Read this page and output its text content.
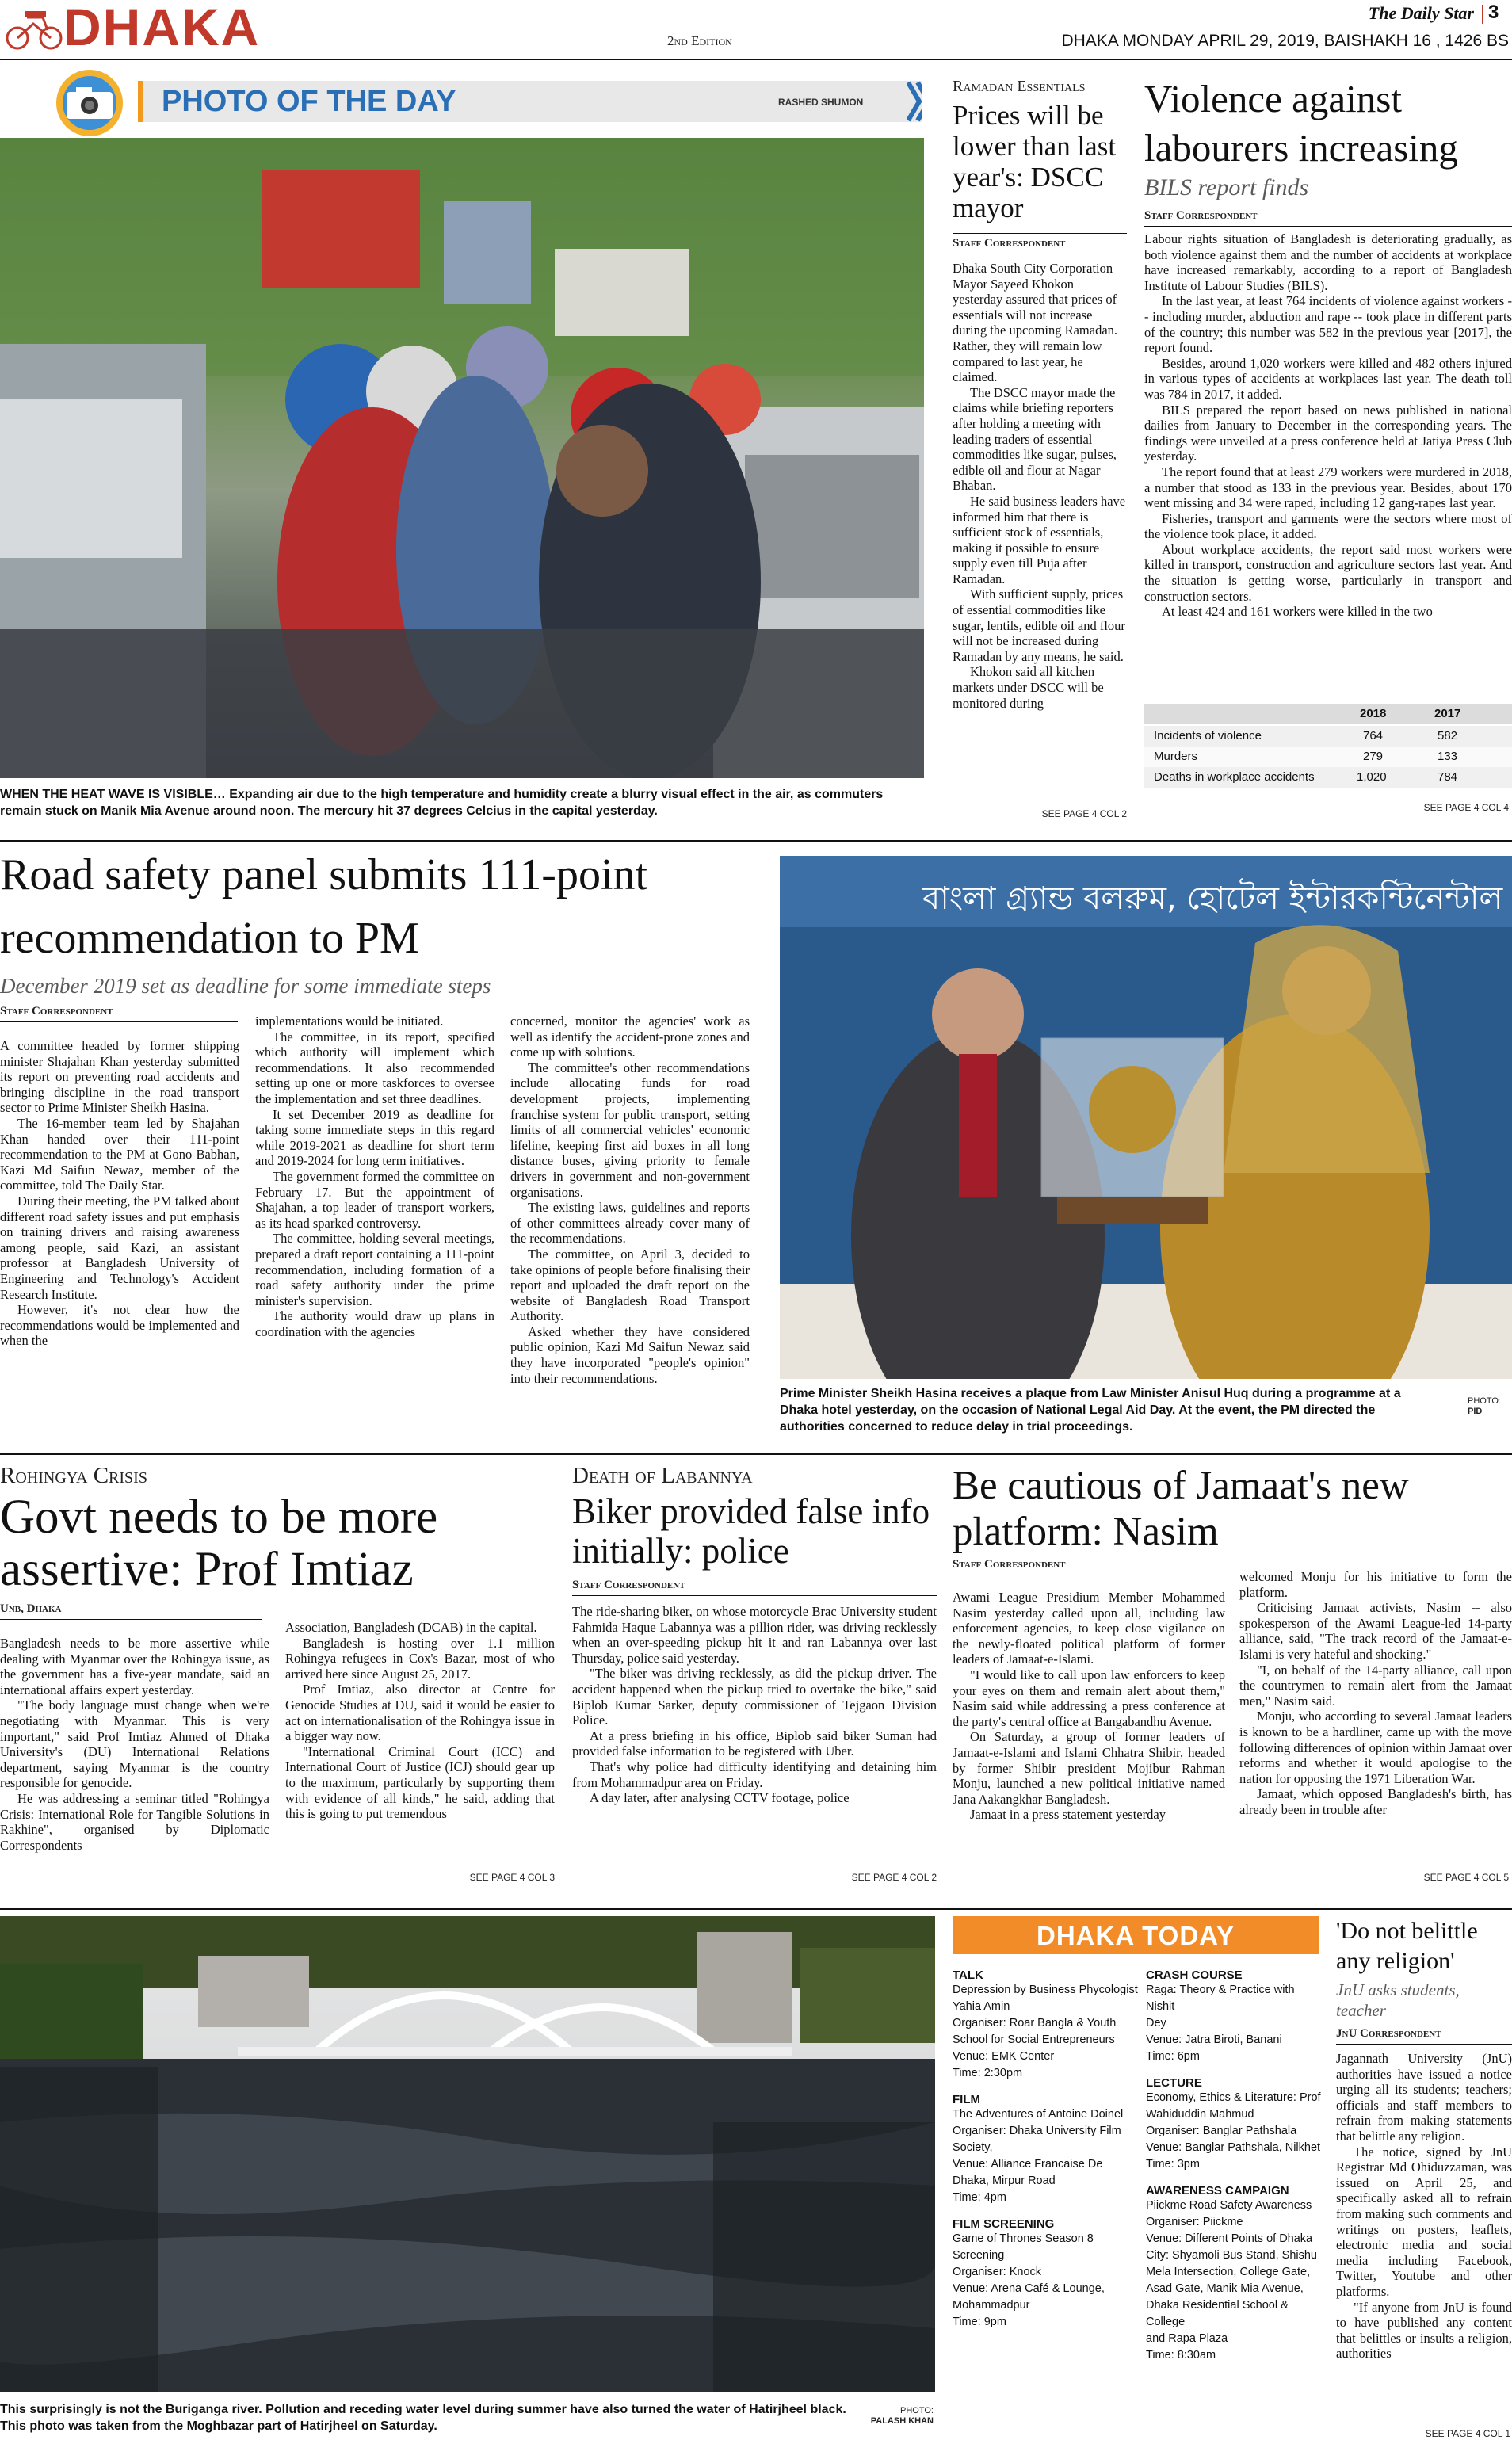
DHAKA	2nd Edition
The Daily Star 3
DHAKA MONDAY APRIL 29, 2019, BAISHAKH 16 , 1426 BS
PHOTO OF THE DAY	RASHED SHUMON
WHEN THE HEAT WAVE IS VISIBLE… Expanding air due to the high temperature and humidity create a blurry visual effect in the air, as commuters remain stuck on Manik Mia Avenue around noon. The mercury hit 37 degrees Celcius in the capital yesterday.
Ramadan Essentials
Prices will be lower than last year's: DSCC mayor
Staff Correspondent

Dhaka South City Corporation Mayor Sayeed Khokon yesterday assured that prices of essentials will not increase during the upcoming Ramadan. Rather, they will remain low compared to last year, he claimed.

The DSCC mayor made the claims while briefing reporters after holding a meeting with leading traders of essential commodities like sugar, pulses, edible oil and flour at Nagar Bhaban.

He said business leaders have informed him that there is sufficient stock of essentials, making it possible to ensure supply even till Puja after Ramadan.

With sufficient supply, prices of essential commodities like sugar, lentils, edible oil and flour will not be increased during Ramadan by any means, he said.

Khokon said all kitchen markets under DSCC will be monitored during

SEE PAGE 4 COL 2
Violence against labourers increasing
BILS report finds
Staff Correspondent

Labour rights situation of Bangladesh is deteriorating gradually, as both violence against them and the number of accidents at workplace have increased remarkably, according to a report of Bangladesh Institute of Labour Studies (BILS).

In the last year, at least 764 incidents of violence against workers -- including murder, abduction and rape -- took place in different parts of the country; this number was 582 in the previous year [2017], the report found.

Besides, around 1,020 workers were killed and 482 others injured in various types of accidents at workplaces last year. The death toll was 784 in 2017, it added.

BILS prepared the report based on news published in national dailies from January to December in the corresponding years. The findings were unveiled at a press conference held at Jatiya Press Club yesterday.

The report found that at least 279 workers were murdered in 2018, a number that stood as 133 in the previous year. Besides, about 170 went missing and 34 were raped, including 12 gang-rapes last year.

Fisheries, transport and garments were the sectors where most of the violence took place, it added.

About workplace accidents, the report said most workers were killed in transport, construction and agriculture sectors last year. And the situation is getting worse, particularly in transport and construction sectors.

At least 424 and 161 workers were killed in the two

2018	2017
Incidents of violence	764	582
Murders	279	133
Deaths in workplace accidents	1,020	784
SEE PAGE 4 COL 4
Road safety panel submits 111-point recommendation to PM
December 2019 set as deadline for some immediate steps
Staff Correspondent

A committee headed by former shipping minister Shajahan Khan yesterday submitted its report on preventing road accidents and bringing discipline in the road transport sector to Prime Minister Sheikh Hasina.

The 16-member team led by Shajahan Khan handed over their 111-point recommendation to the PM at Gono Babhan, Kazi Md Saifun Newaz, member of the committee, told The Daily Star.

During their meeting, the PM talked about different road safety issues and put emphasis on training drivers and raising awareness among people, said Kazi, an assistant professor at Bangladesh University of Engineering and Technology's Accident Research Institute.

However, it's not clear how the recommendations would be implemented and when the

implementations would be initiated.

The committee, in its report, specified which authority will implement which recommendations. It also recommended setting up one or more taskforces to oversee the implementation and set three deadlines.

It set December 2019 as deadline for taking some immediate steps in this regard while 2019-2021 as deadline for short term and 2019-2024 for long term initiatives.

The government formed the committee on February 17. But the appointment of Shajahan, a top leader of transport workers, as its head sparked controversy.

The committee, holding several meetings, prepared a draft report containing a 111-point recommendation, including formation of a road safety authority under the prime minister's supervision.

The authority would draw up plans in coordination with the agencies

concerned, monitor the agencies' work as well as identify the accident-prone zones and come up with solutions.

The committee's other recommendations include allocating funds for road development projects, implementing franchise system for public transport, setting limits of all commercial vehicles' economic lifeline, keeping first aid boxes in all long distance buses, giving priority to female drivers in government and non-government organisations.

The existing laws, guidelines and reports of other committees already cover many of the recommendations.

The committee, on April 3, decided to take opinions of people before finalising their report and uploaded the draft report on the website of Bangladesh Road Transport Authority.

Asked whether they have considered public opinion, Kazi Md Saifun Newaz said they have incorporated "people's opinion" into their recommendations.

বাংলা গ্র্যান্ড বলরুম, হোটেল ইন্টারকন্টিনেন্টাল
Prime Minister Sheikh Hasina receives a plaque from Law Minister Anisul Huq during a programme at a Dhaka hotel yesterday, on the occasion of National Legal Aid Day. At the event, the PM directed the authorities concerned to reduce delay in trial proceedings.
PHOTO:
PID
Rohingya Crisis
Govt needs to be more assertive: Prof Imtiaz
Unb, Dhaka

Bangladesh needs to be more assertive while dealing with Myanmar over the Rohingya issue, as the government has a five-year mandate, said an international affairs expert yesterday.

"The body language must change when we're negotiating with Myanmar. This is very important," said Prof Imtiaz Ahmed of Dhaka University's (DU) International Relations department, saying Myanmar is the country responsible for genocide.

He was addressing a seminar titled "Rohingya Crisis: International Role for Tangible Solutions in Rakhine", organised by Diplomatic Correspondents

Association, Bangladesh (DCAB) in the capital.

Bangladesh is hosting over 1.1 million Rohingya refugees in Cox's Bazar, most of who arrived here since August 25, 2017.

Prof Imtiaz, also director at Centre for Genocide Studies at DU, said it would be easier to act on internationalisation of the Rohingya issue in a bigger way now.

"International Criminal Court (ICC) and International Court of Justice (ICJ) should gear up to the maximum, particularly by supporting them with evidence of all kinds," he said, adding that this is going to put tremendous

SEE PAGE 4 COL 3
Death of Labannya
Biker provided false info initially: police
Staff Correspondent

The ride-sharing biker, on whose motorcycle Brac University student Fahmida Haque Labannya was a pillion rider, was driving recklessly when an over-speeding pickup hit it and ran Labannya over last Thursday, police said yesterday.

"The biker was driving recklessly, as did the pickup driver. The accident happened when the pickup tried to overtake the bike," said Biplob Kumar Sarker, deputy commissioner of Tejgaon Division Police.

At a press briefing in his office, Biplob said biker Suman had provided false information to be registered with Uber.

That's why police had difficulty identifying and detaining him from Mohammadpur area on Friday.

A day later, after analysing CCTV footage, police

SEE PAGE 4 COL 2
Be cautious of Jamaat's new platform: Nasim
Staff Correspondent

Awami League Presidium Member Mohammed Nasim yesterday called upon all, including law enforcement agencies, to keep close vigilance on the newly-floated political platform of former leaders of Jamaat-e-Islami.

"I would like to call upon law enforcers to keep your eyes on them and remain alert about them," Nasim said while addressing a press conference at the party's central office at Bangabandhu Avenue.

On Saturday, a group of former leaders of Jamaat-e-Islami and Islami Chhatra Shibir, headed by former Shibir president Mojibur Rahman Monju, launched a new political initiative named Jana Aakangkhar Bangladesh.

Jamaat in a press statement yesterday

welcomed Monju for his initiative to form the platform.

Criticising Jamaat activists, Nasim -- also spokesperson of the Awami League-led 14-party alliance, said, "The track record of the Jamaat-e-Islami is very hateful and shocking."

"I, on behalf of the 14-party alliance, call upon the countrymen to remain alert from the Jamaat men," Nasim said.

Monju, who according to several Jamaat leaders is known to be a hardliner, came up with the move following differences of opinion within Jamaat over reforms and whether it would apologise to the nation for opposing the 1971 Liberation War.

Jamaat, which opposed Bangladesh's birth, has already been in trouble after

SEE PAGE 4 COL 5
This surprisingly is not the Buriganga river. Pollution and receding water level during summer have also turned the water of Hatirjheel black. This photo was taken from the Moghbazar part of Hatirjheel on Saturday.
PHOTO:
PALASH KHAN
DHAKA TODAY
TALK
Depression by Business Phycologist
Yahia Amin
Organiser: Roar Bangla & Youth
School for Social Entrepreneurs
Venue: EMK Center
Time: 2:30pm
FILM
The Adventures of Antoine Doinel
Organiser: Dhaka University Film
Society,
Venue: Alliance Francaise De
Dhaka, Mirpur Road
Time: 4pm
FILM SCREENING
Game of Thrones Season 8
Screening
Organiser: Knock
Venue: Arena Café & Lounge,
Mohammadpur
Time: 9pm
CRASH COURSE
Raga: Theory & Practice with Nishit
Dey
Venue: Jatra Biroti, Banani
Time: 6pm
LECTURE
Economy, Ethics & Literature: Prof
Wahiduddin Mahmud
Organiser: Banglar Pathshala
Venue: Banglar Pathshala, Nilkhet
Time: 3pm
AWARENESS CAMPAIGN
Piickme Road Safety Awareness
Organiser: Piickme
Venue: Different Points of Dhaka
City: Shyamoli Bus Stand, Shishu
Mela Intersection, College Gate,
Asad Gate, Manik Mia Avenue,
Dhaka Residential School & College
and Rapa Plaza
Time: 8:30am
'Do not belittle any religion'
JnU asks students, teacher
JnU Correspondent

Jagannath University (JnU) authorities have issued a notice urging all its students; teachers; officials and staff members to refrain from making statements that belittle any religion.

The notice, signed by JnU Registrar Md Ohiduzzaman, was issued on April 25, and specifically asked all to refrain from making such comments and writings on posters, leaflets, electronic media and social media including Facebook, Twitter, Youtube and other platforms.

"If anyone from JnU is found to have published any content that belittles or insults a religion, authorities

SEE PAGE 4 COL 1
